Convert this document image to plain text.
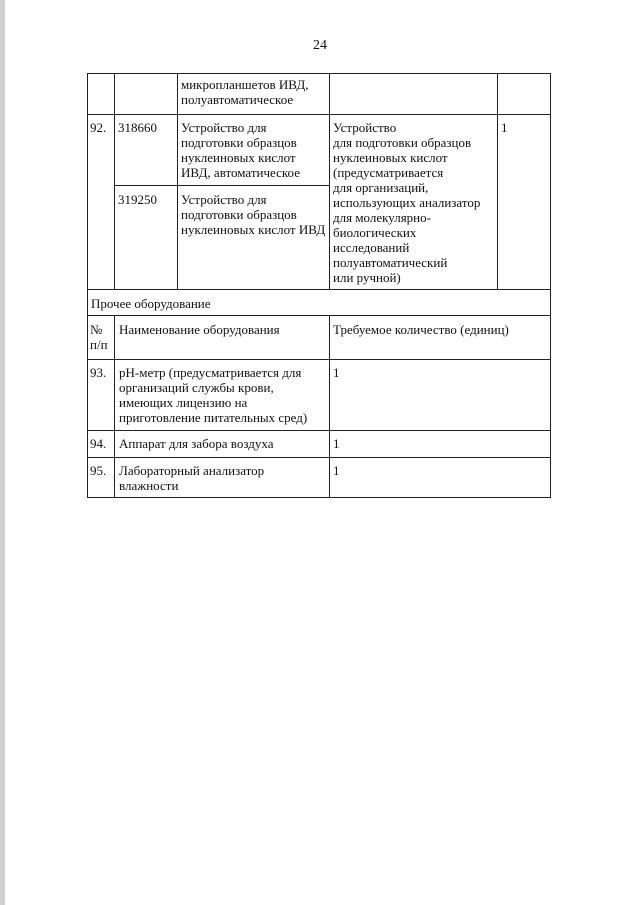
24
микропланшетов ИВД,
полуавтоматическое
92. 318660 Устройство для
подготовки образцов
нуклеиновых кислот
ИВД, автоматическое
319250 Устройство для
подготовки образцов
нуклеиновых кислот ИВД
Устройство
для подготовки образцов
нуклеиновых кислот
(предусматривается
для организаций,
использующих анализатор
для молекулярно-
биологических
исследований
полуавтоматический
или ручной)
1
Прочее оборудование
№
п/п
Наименование оборудования	Требуемое количество (единиц)
93. pH-метр (предусматривается для
организаций службы крови,
имеющих лицензию на
приготовление питательных сред)
1
94. Аппарат для забора воздуха	1
95. Лабораторный анализатор
влажности
1
